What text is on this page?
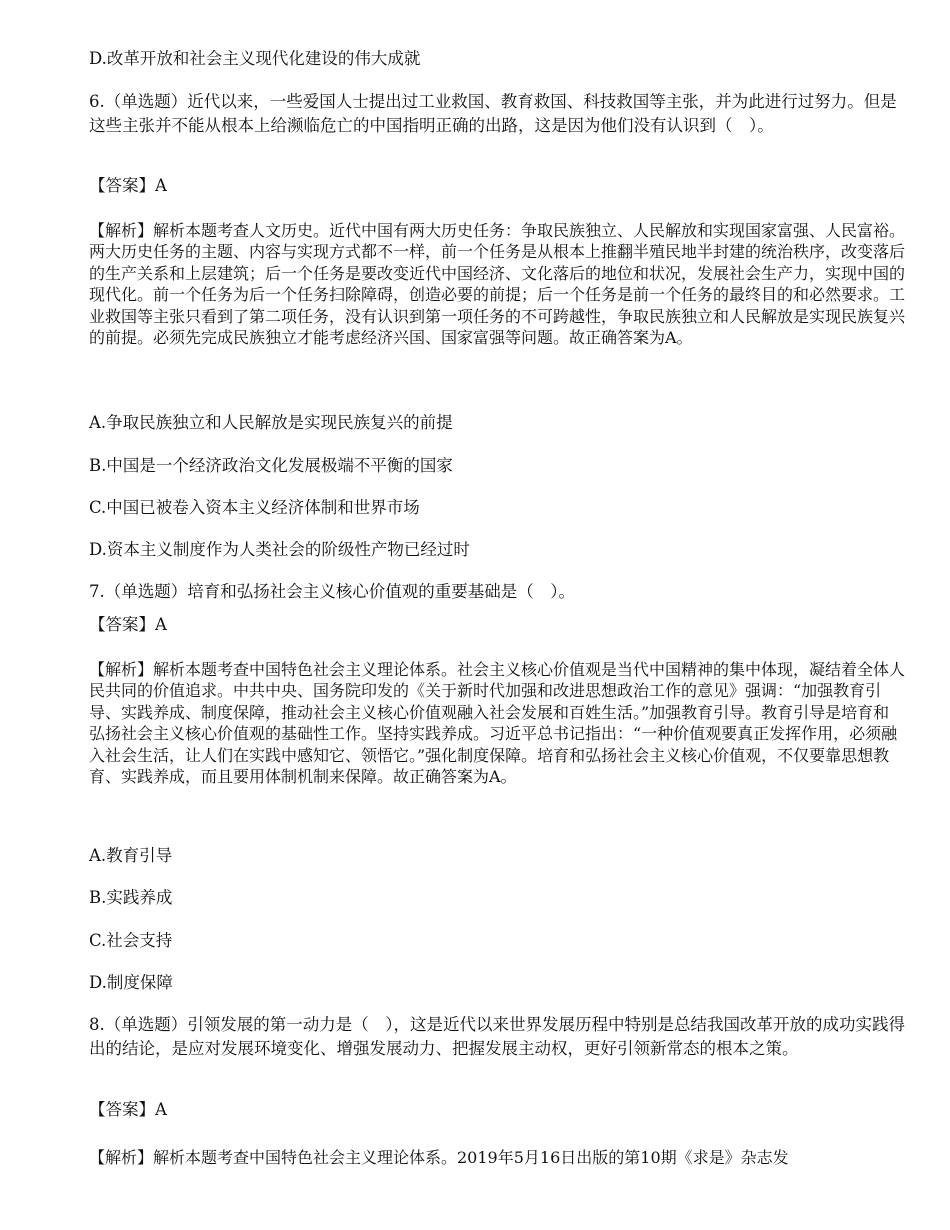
D.改革开放和社会主义现代化建设的伟大成就

6.（单选题）近代以来，一些爱国人士提出过工业救国、教育救国、科技救国等主张，并为此进行过努力。但是这些主张并不能从根本上给濒临危亡的中国指明正确的出路，这是因为他们没有认识到（　）。

【答案】A

【解析】解析本题考查人文历史。近代中国有两大历史任务：争取民族独立、人民解放和实现国家富强、人民富裕。两大历史任务的主题、内容与实现方式都不一样，前一个任务是从根本上推翻半殖民地半封建的统治秩序，改变落后的生产关系和上层建筑；后一个任务是要改变近代中国经济、文化落后的地位和状况，发展社会生产力，实现中国的现代化。前一个任务为后一个任务扫除障碍，创造必要的前提；后一个任务是前一个任务的最终目的和必然要求。工业救国等主张只看到了第二项任务，没有认识到第一项任务的不可跨越性，争取民族独立和人民解放是实现民族复兴的前提。必须先完成民族独立才能考虑经济兴国、国家富强等问题。故正确答案为A。

A.争取民族独立和人民解放是实现民族复兴的前提

B.中国是一个经济政治文化发展极端不平衡的国家

C.中国已被卷入资本主义经济体制和世界市场

D.资本主义制度作为人类社会的阶级性产物已经过时

7.（单选题）培育和弘扬社会主义核心价值观的重要基础是（　）。

【答案】A

【解析】解析本题考查中国特色社会主义理论体系。社会主义核心价值观是当代中国精神的集中体现，凝结着全体人民共同的价值追求。中共中央、国务院印发的《关于新时代加强和改进思想政治工作的意见》强调：“加强教育引导、实践养成、制度保障，推动社会主义核心价值观融入社会发展和百姓生活。”加强教育引导。教育引导是培育和弘扬社会主义核心价值观的基础性工作。坚持实践养成。习近平总书记指出：“一种价值观要真正发挥作用，必须融入社会生活，让人们在实践中感知它、领悟它。”强化制度保障。培育和弘扬社会主义核心价值观，不仅要靠思想教育、实践养成，而且要用体制机制来保障。故正确答案为A。

A.教育引导

B.实践养成

C.社会支持

D.制度保障

8.（单选题）引领发展的第一动力是（　），这是近代以来世界发展历程中特别是总结我国改革开放的成功实践得出的结论，是应对发展环境变化、增强发展动力、把握发展主动权，更好引领新常态的根本之策。

【答案】A

【解析】解析本题考查中国特色社会主义理论体系。2019年5月16日出版的第10期《求是》杂志发
